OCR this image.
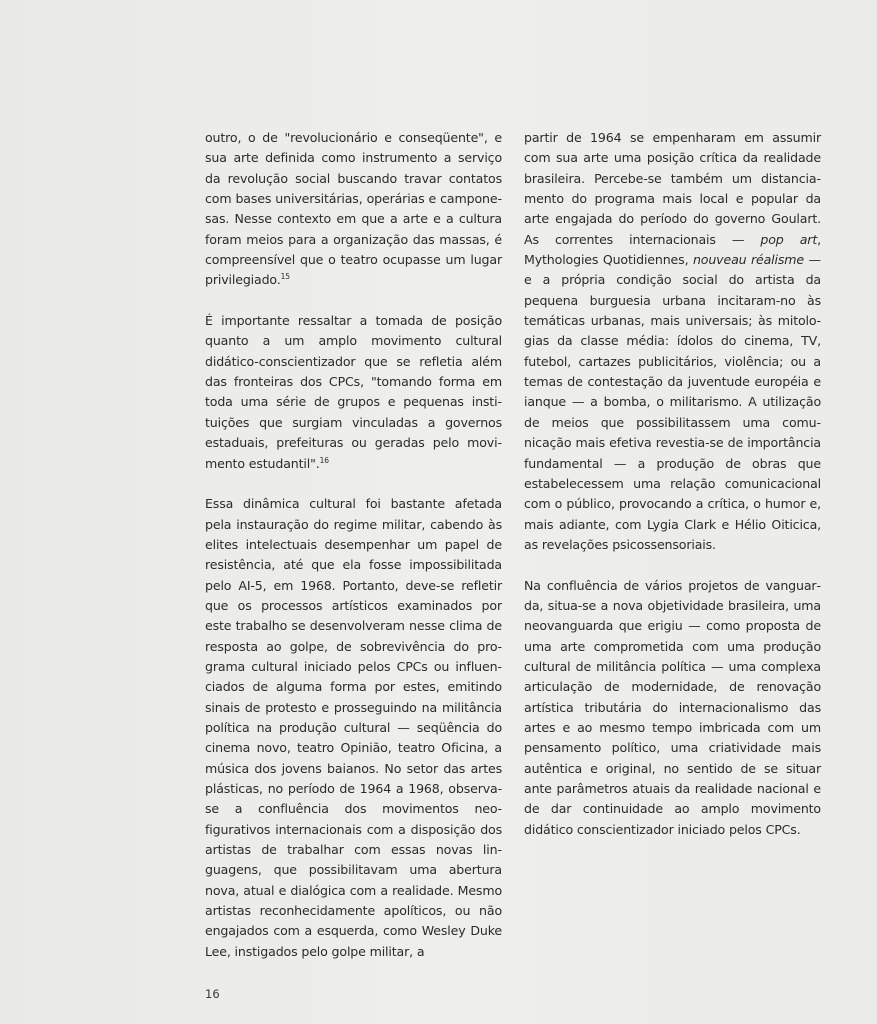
outro, o de "revolucionário e conseqüente", e sua arte definida como instrumento a serviço da revolução social buscando travar contatos com bases universitárias, operárias e camponesas. Nesse contexto em que a arte e a cultura foram meios para a organização das massas, é compreensível que o teatro ocupasse um lugar privilegiado.$^{15}$

É importante ressaltar a tomada de posição quanto a um amplo movimento cultural didático-conscientizador que se refletia além das fronteiras dos CPCs, "tomando forma em toda uma série de grupos e pequenas instituições que surgiam vinculadas a governos estaduais, prefeituras ou geradas pelo movimento estudantil".$^{16}$

Essa dinâmica cultural foi bastante afetada pela instauração do regime militar, cabendo às elites intelectuais desempenhar um papel de resistência, até que ela fosse impossibilitada pelo AI-5, em 1968. Portanto, deve-se refletir que os processos artísticos examinados por este trabalho se desenvolveram nesse clima de resposta ao golpe, de sobrevivência do programa cultural iniciado pelos CPCs ou influenciados de alguma forma por estes, emitindo sinais de protesto e prosseguindo na militância política na produção cultural — seqüência do cinema novo, teatro Opinião, teatro Oficina, a música dos jovens baianos. No setor das artes plásticas, no período de 1964 a 1968, observa-se a confluência dos movimentos neofigurativos internacionais com a disposição dos artistas de trabalhar com essas novas linguagens, que possibilitavam uma abertura nova, atual e dialógica com a realidade. Mesmo artistas reconhecidamente apolíticos, ou não engajados com a esquerda, como Wesley Duke Lee, instigados pelo golpe militar, a

partir de 1964 se empenharam em assumir com sua arte uma posição crítica da realidade brasileira. Percebe-se também um distanciamento do programa mais local e popular da arte engajada do período do governo Goulart. As correntes internacionais — pop art, Mythologies Quotidiennes, nouveau réalisme — e a própria condição social do artista da pequena burguesia urbana incitaram-no às temáticas urbanas, mais universais; às mitologias da classe média: ídolos do cinema, TV, futebol, cartazes publicitários, violência; ou a temas de contestação da juventude européia e ianque — a bomba, o militarismo. A utilização de meios que possibilitassem uma comunicação mais efetiva revestia-se de importância fundamental — a produção de obras que estabelecessem uma relação comunicacional com o público, provocando a crítica, o humor e, mais adiante, com Lygia Clark e Hélio Oiticica, as revelações psicossensoriais.

Na confluência de vários projetos de vanguarda, situa-se a nova objetividade brasileira, uma neovanguarda que erigiu — como proposta de uma arte comprometida com uma produção cultural de militância política — uma complexa articulação de modernidade, de renovação artística tributária do internacionalismo das artes e ao mesmo tempo imbricada com um pensamento político, uma criatividade mais autêntica e original, no sentido de se situar ante parâmetros atuais da realidade nacional e de dar continuidade ao amplo movimento didático conscientizador iniciado pelos CPCs.

16
